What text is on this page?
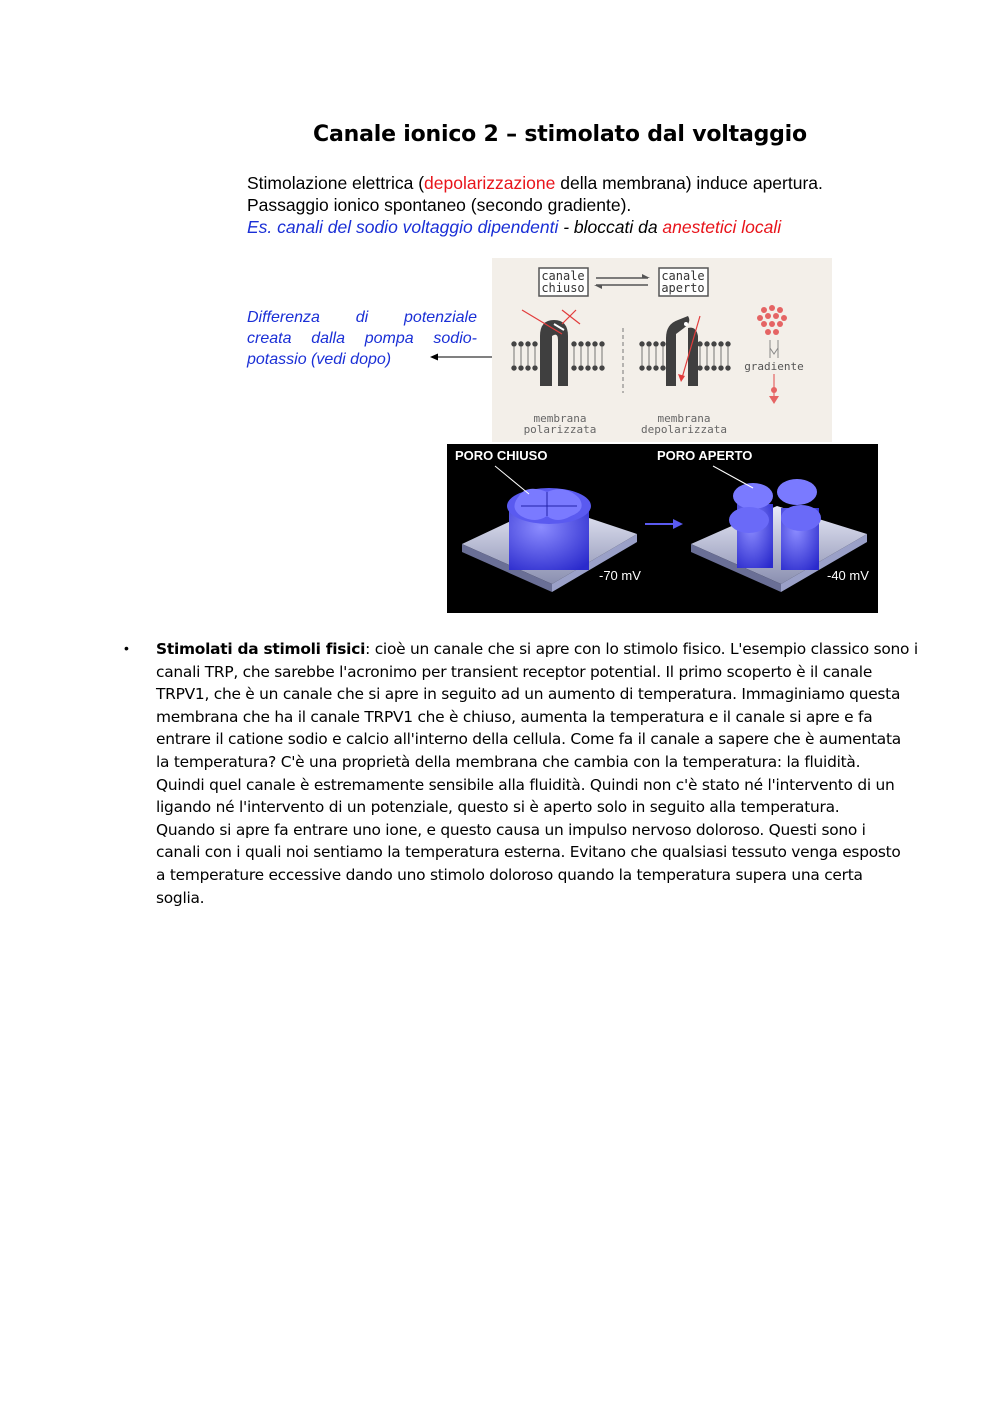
Canale ionico 2 – stimolato dal voltaggio
Stimolazione elettrica (depolarizzazione della membrana) induce apertura.
Passaggio ionico spontaneo (secondo gradiente).
Es. canali del sodio voltaggio dipendenti - bloccati da anestetici locali
Differenza di potenziale
creata dalla pompa sodio-
potassio (vedi dopo)
canale
chiuso
canale
aperto
gradiente
membrana
polarizzata
membrana
depolarizzata
PORO CHIUSO	PORO APERTO
-70 mV	-40 mV
• Stimolati da stimoli fisici: cioè un canale che si apre con lo stimolo fisico. L'esempio classico sono i
canali TRP, che sarebbe l'acronimo per transient receptor potential. Il primo scoperto è il canale
TRPV1, che è un canale che si apre in seguito ad un aumento di temperatura. Immaginiamo questa
membrana che ha il canale TRPV1 che è chiuso, aumenta la temperatura e il canale si apre e fa
entrare il catione sodio e calcio all'interno della cellula. Come fa il canale a sapere che è aumentata
la temperatura? C'è una proprietà della membrana che cambia con la temperatura: la fluidità.
Quindi quel canale è estremamente sensibile alla fluidità. Quindi non c'è stato né l'intervento di un
ligando né l'intervento di un potenziale, questo si è aperto solo in seguito alla temperatura.
Quando si apre fa entrare uno ione, e questo causa un impulso nervoso doloroso. Questi sono i
canali con i quali noi sentiamo la temperatura esterna. Evitano che qualsiasi tessuto venga esposto
a temperature eccessive dando uno stimolo doloroso quando la temperatura supera una certa
soglia.
